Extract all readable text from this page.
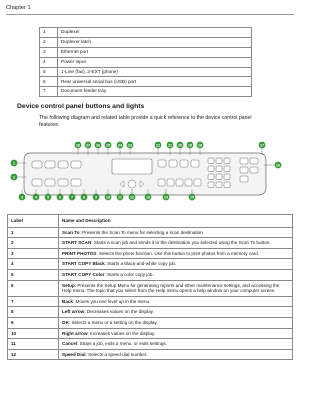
Chapter 1
1	Duplexer
2	Duplexer latch
3	Ethernet port
4	Power input
5	1-Line (fax), 2-EXT (phone)
6	Rear universal serial bus (USB) port
7	Document feeder tray.
Device control panel buttons and lights
The following diagram and related table provide a quick reference to the device control panel features.
28 27 26 25 24 23	22 21 20 19 18	17
1
2
16
3	4	5	6	7	8	9 10 11 12	13	14	15
Label	Name and Description
1	Scan To: Presents the Scan To menu for selecting a scan destination.
2	START SCAN: Starts a scan job and sends it to the destination you selected using the Scan To button.
3	PRINT PHOTOS: Selects the photo function. Use this button to print photos from a memory card.
4	START COPY Black: Starts a black-and-white copy job.
5	START COPY Color: Starts a color copy job.
6	Setup: Presents the Setup Menu for generating reports and other maintenance settings, and accessing the Help menu. The topic that you select from the Help menu opens a help window on your computer screen.
7	Back: Moves you one level up in the menu.
8	Left arrow: Decreases values on the display.
9	OK: Selects a menu or a setting on the display.
10	Right arrow: Increases values on the display.
11	Cancel: Stops a job, exits a menu, or exits settings.
12	Speed Dial: Selects a speed-dial number.
